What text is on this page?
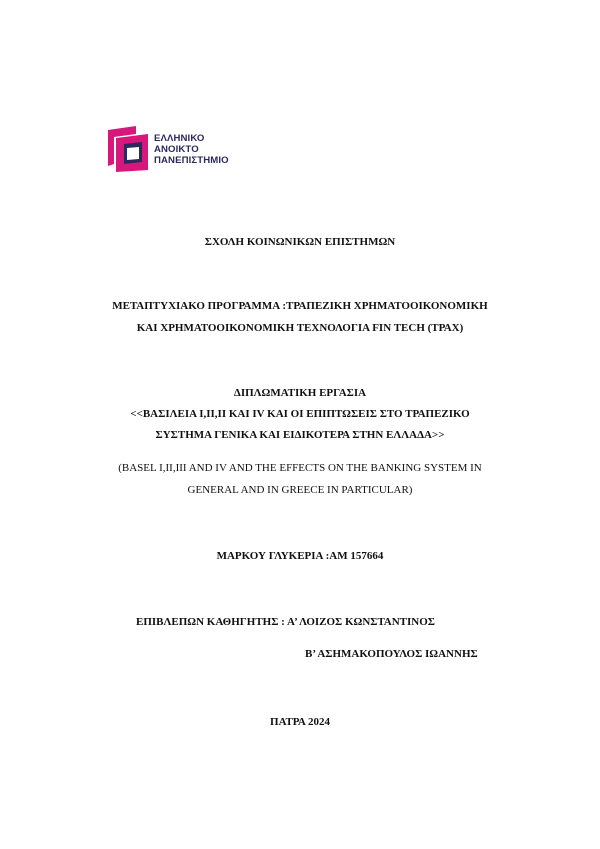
ΕΛΛΗΝΙΚΟ
ΑΝΟΙΚΤΟ
ΠΑΝΕΠΙΣΤΗΜΙΟ
ΣΧΟΛΗ ΚΟΙΝΩΝΙΚΩΝ ΕΠΙΣΤΗΜΩΝ
ΜΕΤΑΠΤΥΧΙΑΚΟ ΠΡΟΓΡΑΜΜΑ :ΤΡΑΠΕΖΙΚΗ ΧΡΗΜΑΤΟΟΙΚΟΝΟΜΙΚΗ
ΚΑΙ ΧΡΗΜΑΤΟΟΙΚΟΝΟΜΙΚΗ ΤΕΧΝΟΛΟΓΙΑ FIN TECH (ΤΡΑΧ)
ΔΙΠΛΩΜΑΤΙΚΗ ΕΡΓΑΣΙΑ
<<ΒΑΣΙΛΕΙΑ Ι,ΙΙ,ΙΙ ΚΑΙ IV ΚΑΙ ΟΙ ΕΠΙΠΤΩΣΕΙΣ ΣΤΟ ΤΡΑΠΕΖΙΚΟ
ΣΥΣΤΗΜΑ ΓΕΝΙΚΑ ΚΑΙ ΕΙΔΙΚΟΤΕΡΑ ΣΤΗΝ ΕΛΛΑΔΑ>>
(BASEL I,II,III AND IV AND THE EFFECTS ON THE BANKING SYSTEM IN
GENERAL AND IN GREECE IN PARTICULAR)
ΜΑΡΚΟΥ ΓΛΥΚΕΡΙΑ :ΑΜ 157664
ΕΠΙΒΛΕΠΩΝ ΚΑΘΗΓΗΤΗΣ : Α’ ΛΟΙΖΟΣ ΚΩΝΣΤΑΝΤΙΝΟΣ
Β’ ΑΣΗΜΑΚΟΠΟΥΛΟΣ ΙΩΑΝΝΗΣ
ΠΑΤΡΑ 2024
